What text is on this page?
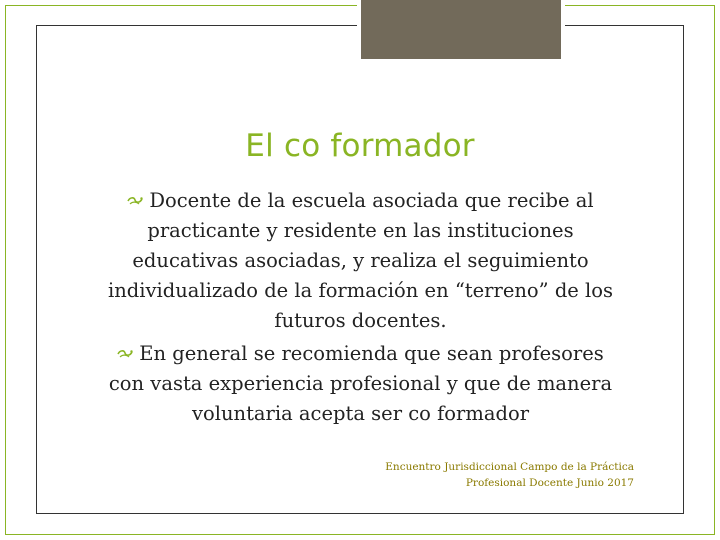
El co formador
Docente de la escuela asociada que recibe al practicante y residente en las instituciones educativas asociadas, y realiza el seguimiento individualizado de la formación en “terreno” de los futuros docentes.
En general se recomienda que sean profesores con vasta experiencia profesional y que de manera voluntaria acepta ser co formador
Encuentro Jurisdiccional Campo de la Práctica
Profesional Docente Junio 2017
